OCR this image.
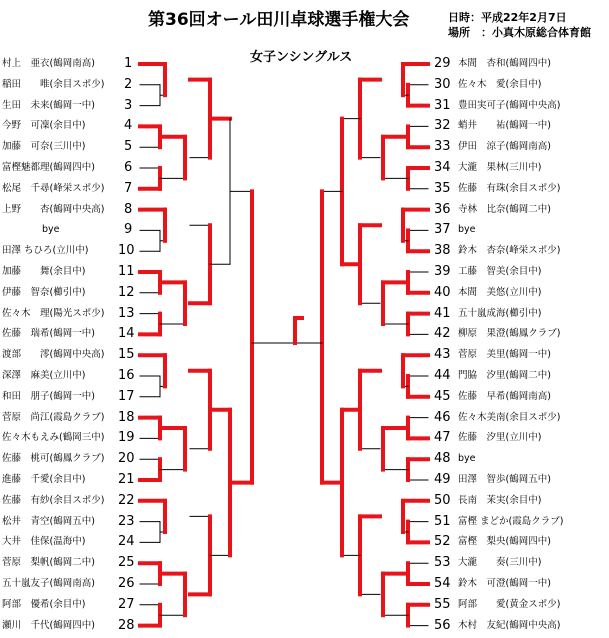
第36回オール田川卓球選手権大会	日時：平成22年2月7日
場所　：小真木原総合体育館
女子ンシングルス
1
村上　亜衣(鶴岡南高)
2
稲田　　唯(余目スポ少)
3
生田　未来(鶴岡一中)
4
今野　可凜(余目中)
5
加藤　可奈(三川中)
6
富樫魅都理(鶴岡四中)
7
松尾　千尋(峰栄スポ少)
8
上野　　杏(鶴岡中央高)
9
bye
10
田澤 ちひろ(立川中)
11
加藤　　舞(余目中)
12
伊藤　智奈(櫛引中)
13
佐々木　理(陽光スポ少)
14
佐藤　瑞希(鶴岡一中)
15
渡部　　澪(鶴岡中央高)
16
深澤　麻美(立川中)
17
和田　朋子(鶴岡一中)
18
菅原　尚江(霞島クラブ)
19
佐々木もえみ(鶴岡三中)
20
佐藤　桃可(鶴鳳クラブ)
21
進藤　千愛(余目中)
22
佐藤　有紗(余目スポ少)
23
松井　青空(鶴岡五中)
24
大井　佳保(温海中)
25
菅原　梨帆(鶴岡二中)
26
五十嵐友子(鶴岡南高)
27
阿部　優希(余目中)
28
瀬川　千代(鶴岡四中)
29 本間　杏和(鶴岡四中)
30 佐々木　愛(余目中)
31 豊田実可子(鶴岡中央高)
32 蛸井　　祐(鶴岡一中)
33 伊田　涼子(鶴岡南高)
34 大瀧　果林(三川中)
35 佐藤　有珠(余目スポ少)
36 寺林　比奈(鶴岡二中)
37 bye
38 鈴木　杏奈(峰栄スポ少)
39 工藤　智美(余目中)
40 本間　美悠(立川中)
41 五十嵐成海(櫛引中)
42 柳原　果澄(鶴鳳クラブ)
43 菅原　美里(鶴岡一中)
44 門脇　汐里(鶴岡二中)
45 佐藤　早希(鶴岡南高)
46 佐々木美南(余目スポ少)
47 佐藤　汐里(立川中)
48 bye
49 田澤　智歩(鶴岡五中)
50 長南　茉実(余目中)
51 富樫 まどか(霞島クラブ)
52 富樫　梨央(鶴岡四中)
53 大瀧　　奏(三川中)
54 鈴木　可澄(鶴岡一中)
55 阿部　　愛(黄金スポ少)
56 木村　友紀(鶴岡中央高)
